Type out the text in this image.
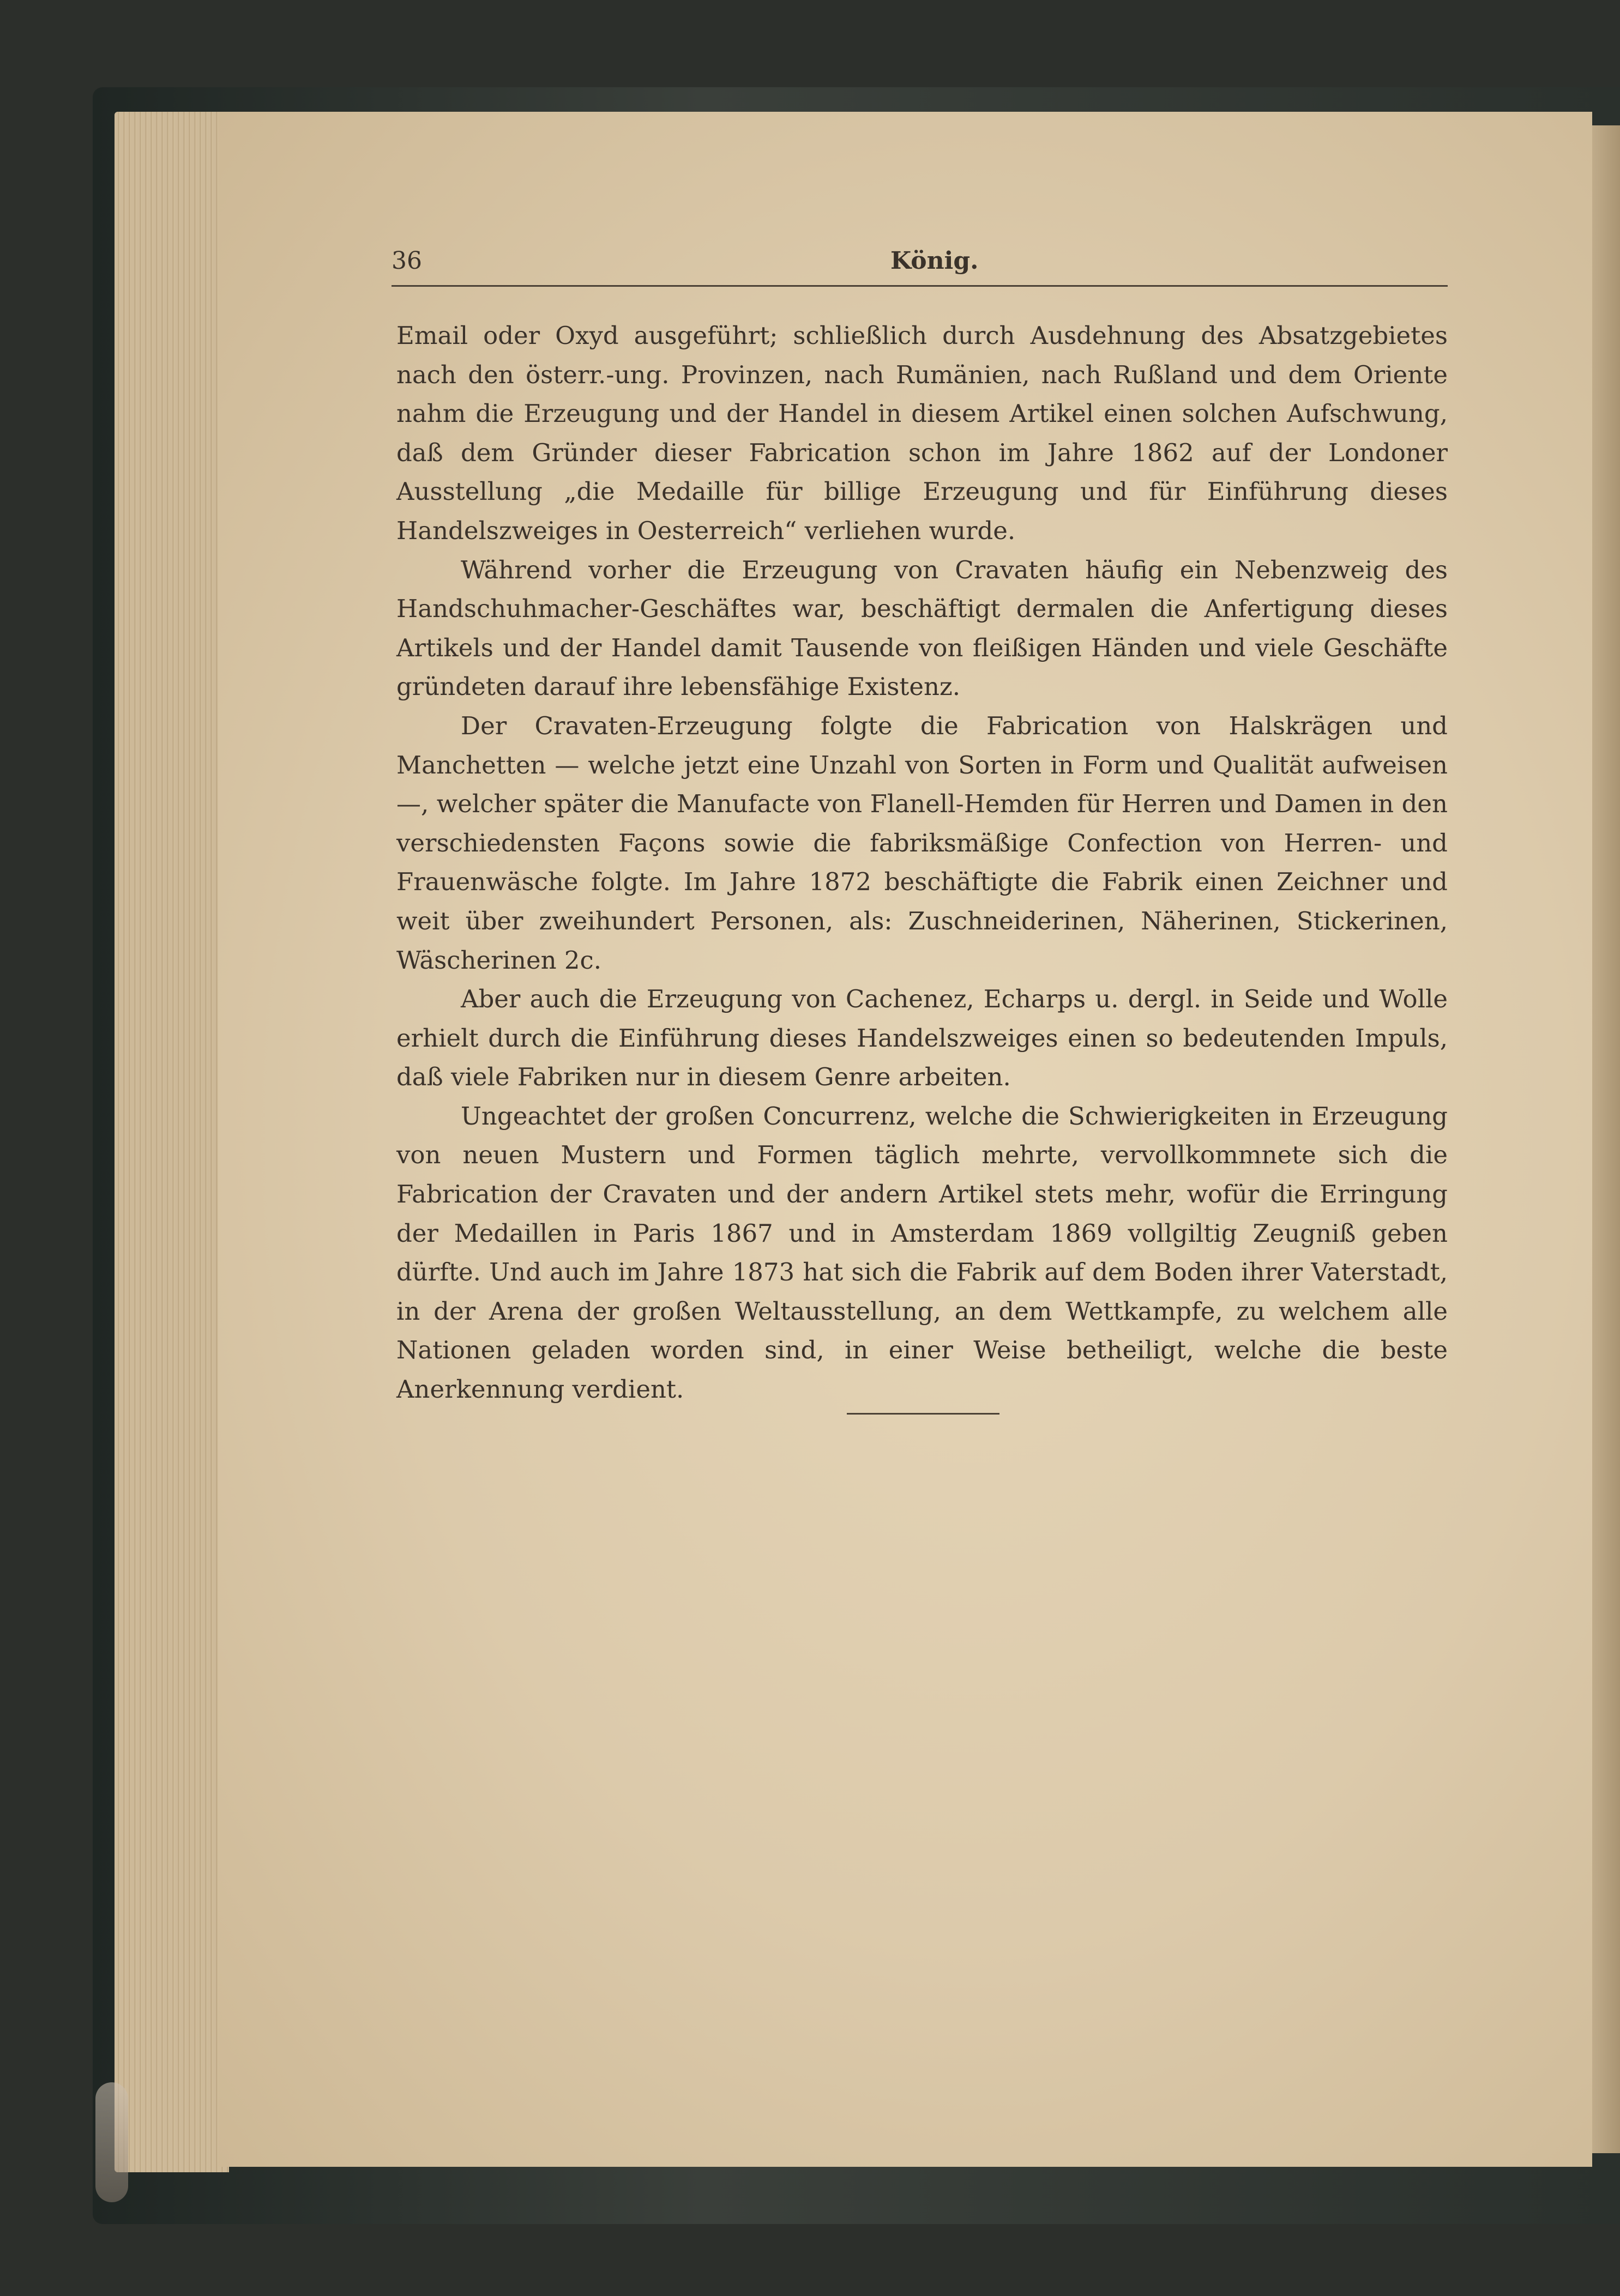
36	König.

Email oder Oxyd ausgeführt; schließlich durch Ausdehnung des Absatzgebietes nach den österr.-ung. Provinzen, nach Rumänien, nach Rußland und dem Oriente nahm die Erzeugung und der Handel in diesem Artikel einen solchen Aufschwung, daß dem Gründer dieser Fabrication schon im Jahre 1862 auf der Londoner Ausstellung „die Medaille für billige Erzeugung und für Einführung dieses Handelszweiges in Oesterreich“ verliehen wurde.

Während vorher die Erzeugung von Cravaten häufig ein Nebenzweig des Handschuhmacher-Geschäftes war, beschäftigt dermalen die Anfertigung dieses Artikels und der Handel damit Tausende von fleißigen Händen und viele Geschäfte gründeten darauf ihre lebensfähige Existenz.

Der Cravaten-Erzeugung folgte die Fabrication von Halskrägen und Manchetten — welche jetzt eine Unzahl von Sorten in Form und Qualität aufweisen —, welcher später die Manufacte von Flanell-Hemden für Herren und Damen in den verschiedensten Façons sowie die fabriksmäßige Confection von Herren- und Frauenwäsche folgte. Im Jahre 1872 beschäftigte die Fabrik einen Zeichner und weit über zweihundert Personen, als: Zuschneiderinen, Näherinen, Stickerinen, Wäscherinen 2c.

Aber auch die Erzeugung von Cachenez, Echarps u. dergl. in Seide und Wolle erhielt durch die Einführung dieses Handelszweiges einen so bedeutenden Impuls, daß viele Fabriken nur in diesem Genre arbeiten.

Ungeachtet der großen Concurrenz, welche die Schwierigkeiten in Erzeugung von neuen Mustern und Formen täglich mehrte, vervollkommnete sich die Fabrication der Cravaten und der andern Artikel stets mehr, wofür die Erringung der Medaillen in Paris 1867 und in Amsterdam 1869 vollgiltig Zeugniß geben dürfte. Und auch im Jahre 1873 hat sich die Fabrik auf dem Boden ihrer Vaterstadt, in der Arena der großen Weltausstellung, an dem Wettkampfe, zu welchem alle Nationen geladen worden sind, in einer Weise betheiligt, welche die beste Anerkennung verdient.
